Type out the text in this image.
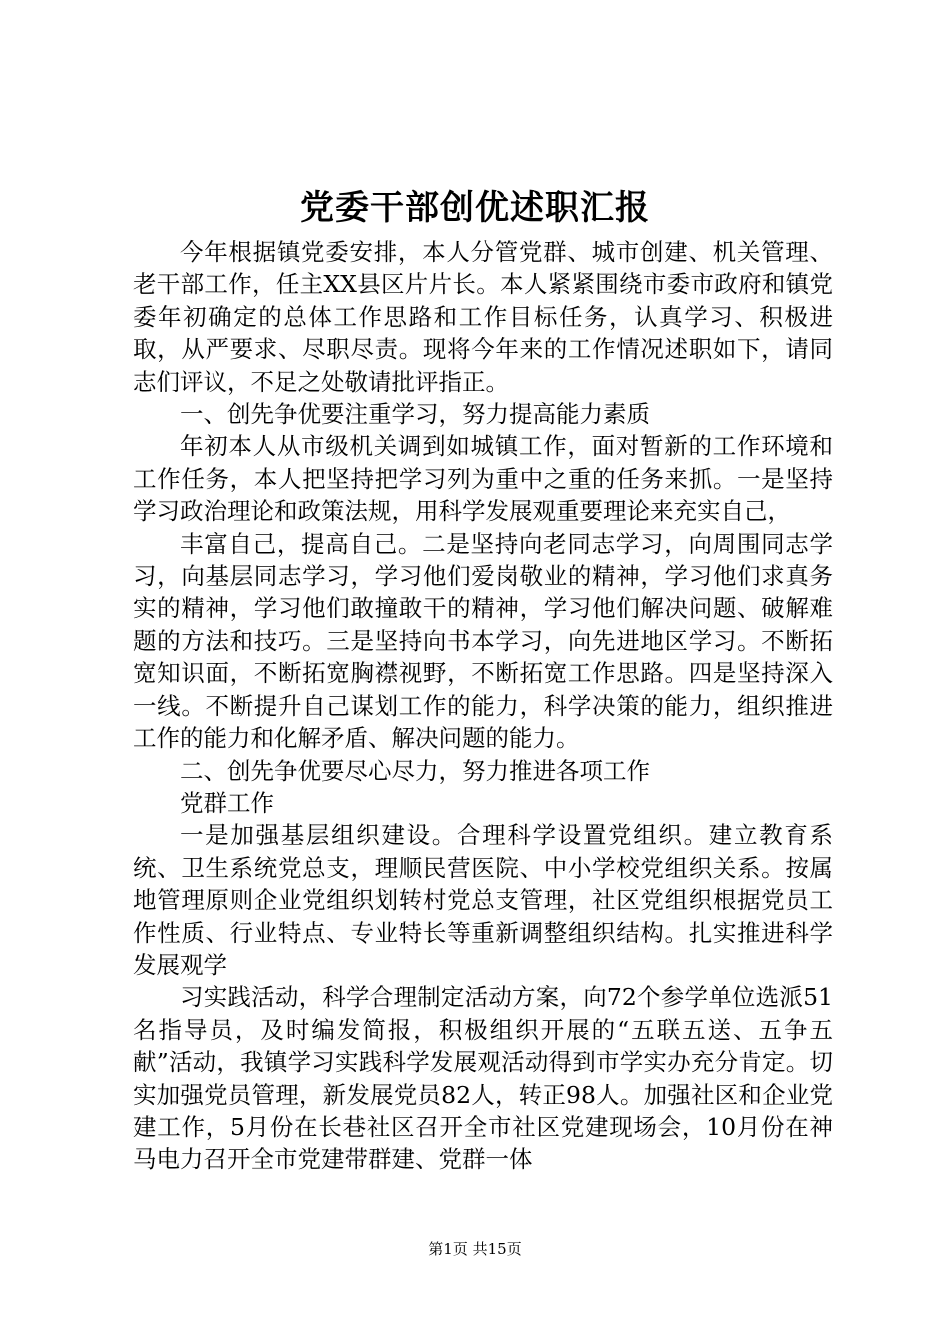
党委干部创优述职汇报

今年根据镇党委安排，本人分管党群、城市创建、机关管理、老干部工作，任主XX县区片片长。本人紧紧围绕市委市政府和镇党委年初确定的总体工作思路和工作目标任务，认真学习、积极进取，从严要求、尽职尽责。现将今年来的工作情况述职如下，请同志们评议，不足之处敬请批评指正。

一、创先争优要注重学习，努力提高能力素质

年初本人从市级机关调到如城镇工作，面对暂新的工作环境和工作任务，本人把坚持把学习列为重中之重的任务来抓。一是坚持学习政治理论和政策法规，用科学发展观重要理论来充实自己，

丰富自己，提高自己。二是坚持向老同志学习，向周围同志学习，向基层同志学习，学习他们爱岗敬业的精神，学习他们求真务实的精神，学习他们敢撞敢干的精神，学习他们解决问题、破解难题的方法和技巧。三是坚持向书本学习，向先进地区学习。不断拓宽知识面，不断拓宽胸襟视野，不断拓宽工作思路。四是坚持深入一线。不断提升自己谋划工作的能力，科学决策的能力，组织推进工作的能力和化解矛盾、解决问题的能力。

二、创先争优要尽心尽力，努力推进各项工作

党群工作

一是加强基层组织建设。合理科学设置党组织。建立教育系统、卫生系统党总支，理顺民营医院、中小学校党组织关系。按属地管理原则企业党组织划转村党总支管理，社区党组织根据党员工作性质、行业特点、专业特长等重新调整组织结构。扎实推进科学发展观学

习实践活动，科学合理制定活动方案，向72个参学单位选派51名指导员，及时编发简报，积极组织开展的“五联五送、五争五献”活动，我镇学习实践科学发展观活动得到市学实办充分肯定。切实加强党员管理，新发展党员82人，转正98人。加强社区和企业党建工作，5月份在长巷社区召开全市社区党建现场会，10月份在神马电力召开全市党建带群建、党群一体

第1页 共15页
